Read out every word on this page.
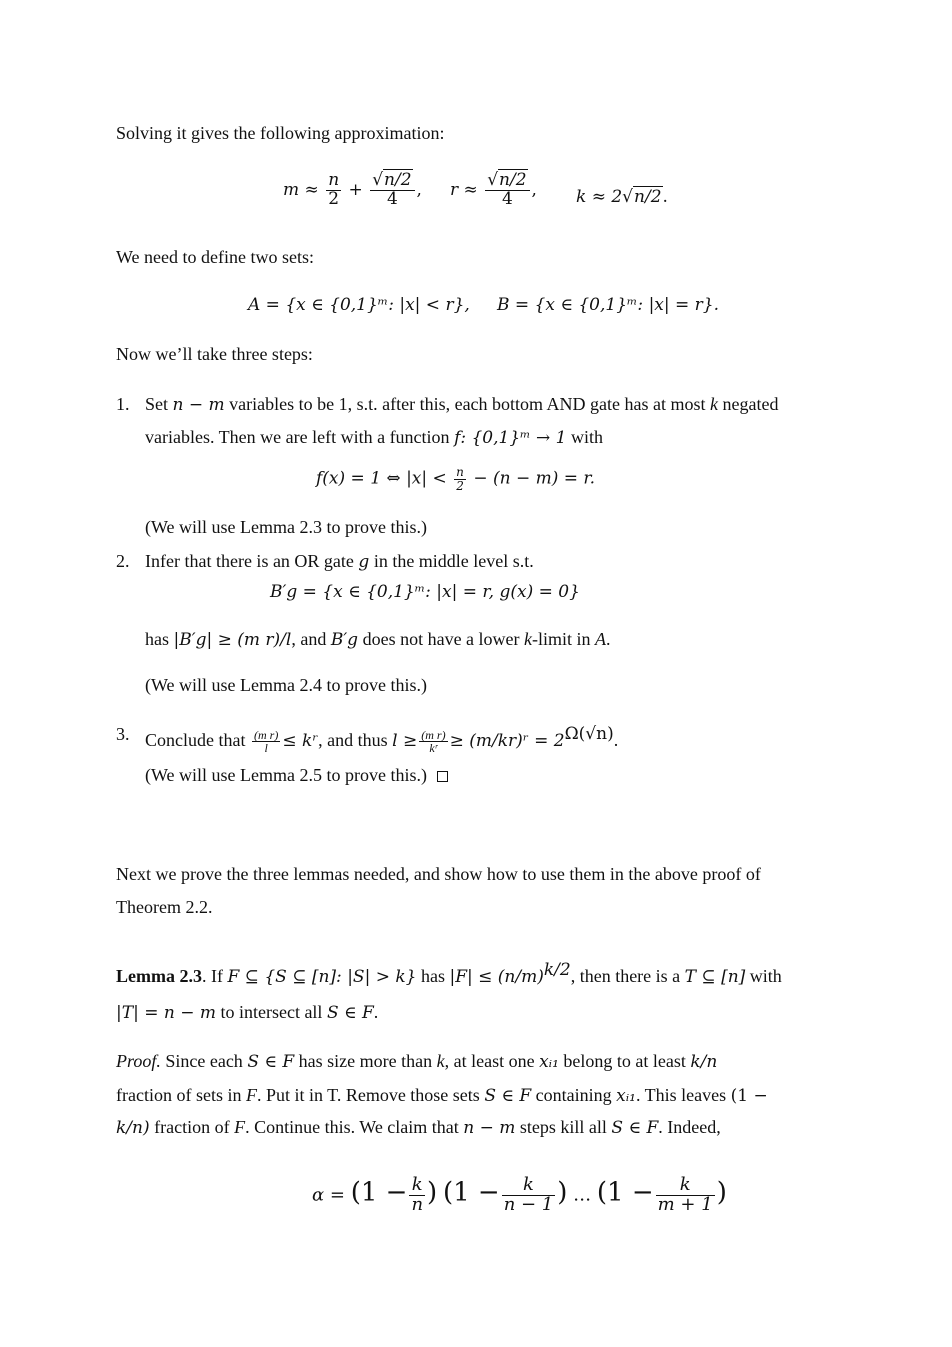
Solving it gives the following approximation:
$m \approx \frac{n}{2} + \frac{√n/2}{4}$ , $r \approx \frac{√n/2}{4}$ , k ≈ 2√n/2.
We need to define two sets:
A = {x ∈ {0,1}ᵐ: |x| < r}, B = {x ∈ {0,1}ᵐ: |x| = r}.
Now we’ll take three steps:
1. Set n − m variables to be 1, s.t. after this, each bottom AND gate has at most k negated
variables. Then we are left with a function f: {0,1}ᵐ → 1 with
f(x) = 1 ⇔ $|x| < \frac{n}{2} - (n - m) = r$.
(We will use Lemma 2.3 to prove this.)
2. Infer that there is an OR gate g in the middle level s.t.
B′g = {x ∈ {0,1}ᵐ: |x| = r, g(x) = 0}
has |B′g| ≥ (m r)/l, and B′g does not have a lower k-limit in A.
(We will use Lemma 2.4 to prove this.)
3. Conclude that $\frac{\text{(m r)}}{l}$ ≤ kʳ, and thus $l \ge \frac{\text{(m r)}}{\text{kʳ}}$ ≥ (m/kr)ʳ = $2^{\Omega(√n)}$.
(We will use Lemma 2.5 to prove this.)
Next we prove the three lemmas needed, and show how to use them in the above proof of
Theorem 2.2.
Lemma 2.3. If F ⊆ {S ⊆ [n]: |S| > k} has $|F| \le (n/m)^{k/2}$, then there is a T ⊆ [n] with
|T| = n − m to intersect all S ∈ F.
Proof. Since each S ∈ F has size more than k, at least one xᵢ₁ belong to at least k/n
fraction of sets in F. Put it in T. Remove those sets S ∈ F containing xᵢ₁. This leaves (1 −
k/n) fraction of F. Continue this. We claim that n − m steps kill all S ∈ F. Indeed,
$\alpha = (1 - \frac{k}{n}$ ) ($1 - \frac{k}{n - 1}$ ) … ($1 - \frac{k}{m + 1}$ )
